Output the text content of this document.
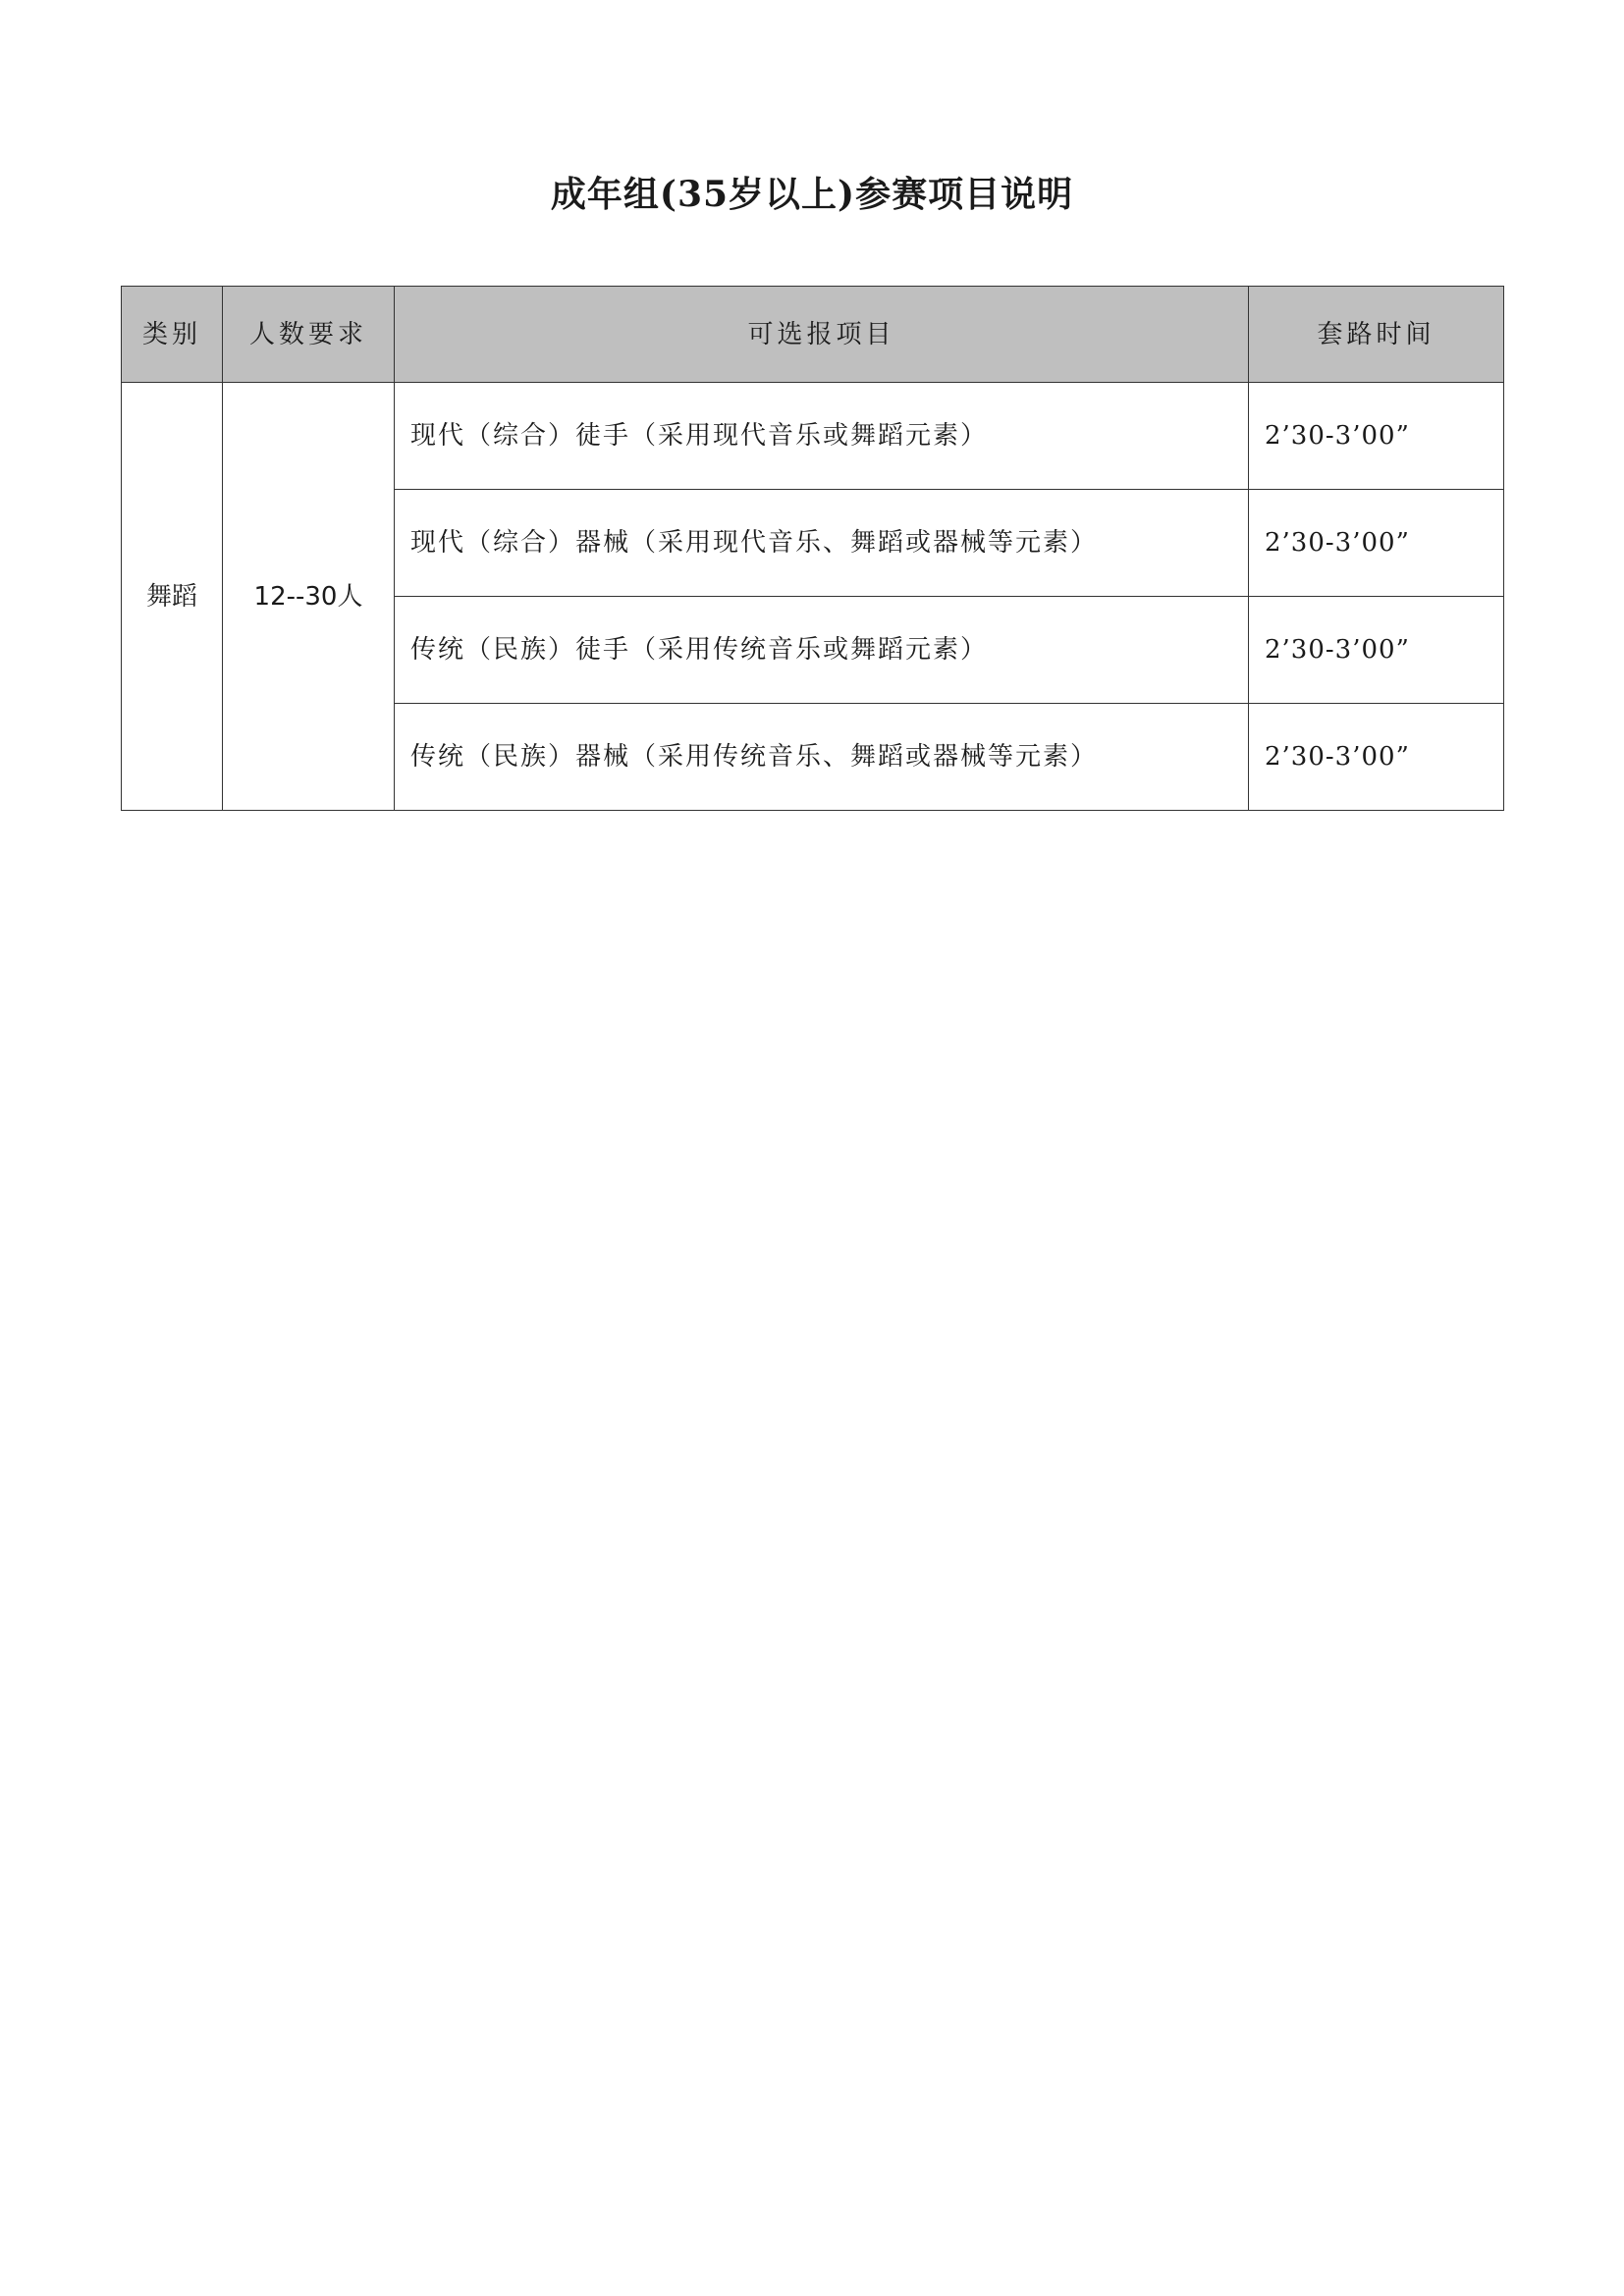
成年组(35岁以上)参赛项目说明
类别	人数要求	可选报项目	套路时间
舞蹈	12--30人	现代（综合）徒手（采用现代音乐或舞蹈元素）	2’30-3’00”
		现代（综合）器械（采用现代音乐、舞蹈或器械等元素）	2’30-3’00”
		传统（民族）徒手（采用传统音乐或舞蹈元素）	2’30-3’00”
		传统（民族）器械（采用传统音乐、舞蹈或器械等元素）	2’30-3’00”
